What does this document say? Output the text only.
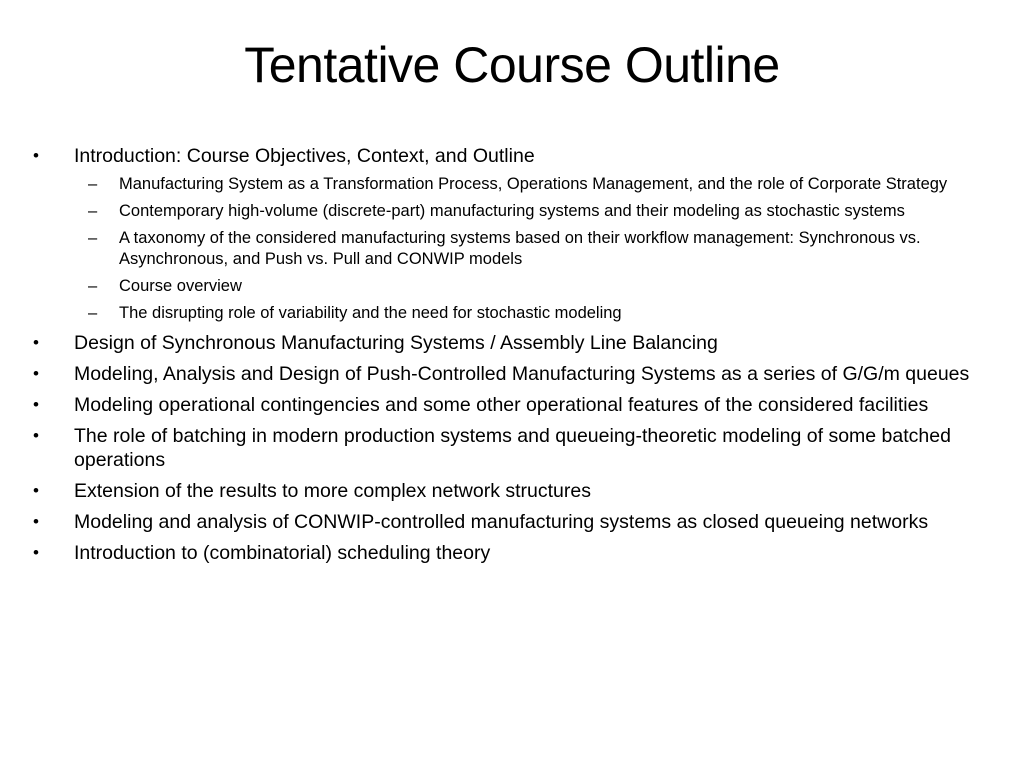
Tentative Course Outline
• Introduction: Course Objectives, Context, and Outline
– Manufacturing System as a Transformation Process, Operations Management, and the role of Corporate Strategy
– Contemporary high-volume (discrete-part) manufacturing systems and their modeling as stochastic systems
– A taxonomy of the considered manufacturing systems based on their workflow management: Synchronous vs. Asynchronous, and Push vs. Pull and CONWIP models
– Course overview
– The disrupting role of variability and the need for stochastic modeling
• Design of Synchronous Manufacturing Systems / Assembly Line Balancing
• Modeling, Analysis and Design of Push-Controlled Manufacturing Systems as a series of G/G/m queues
• Modeling operational contingencies and some other operational features of the considered facilities
• The role of batching in modern production systems and queueing-theoretic modeling of some batched operations
• Extension of the results to more complex network structures
• Modeling and analysis of CONWIP-controlled manufacturing systems as closed queueing networks
• Introduction to (combinatorial) scheduling theory
